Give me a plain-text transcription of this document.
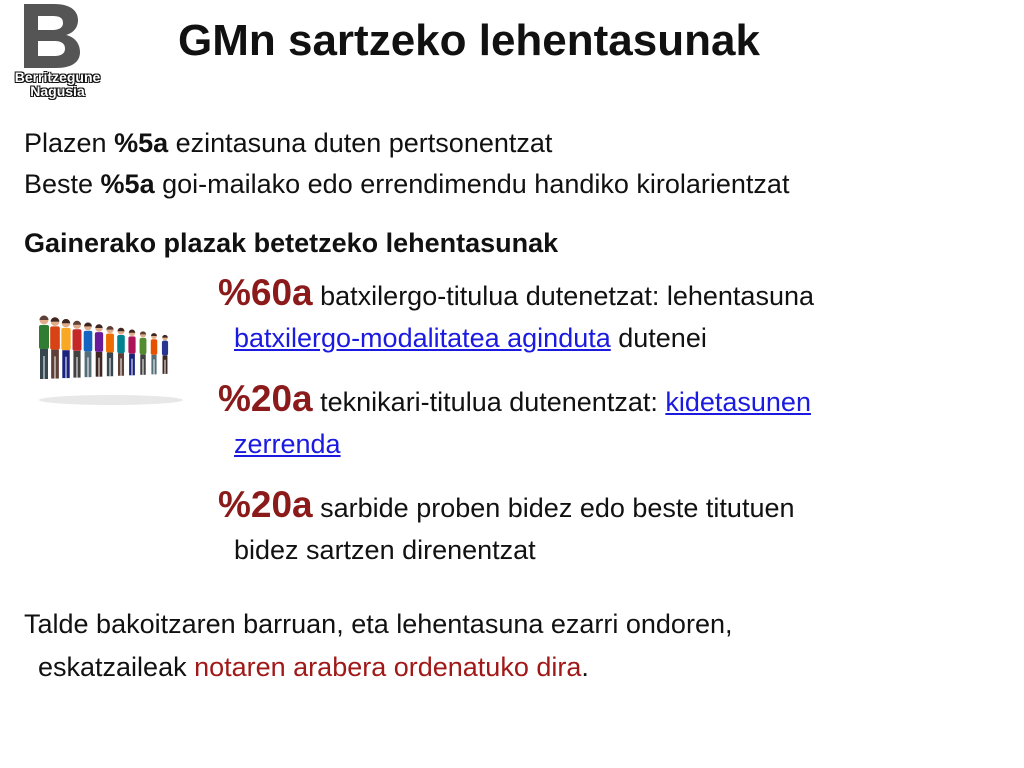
Berritzegune
Nagusia
GMn sartzeko lehentasunak
Plazen %5a ezintasuna duten pertsonentzat
Beste %5a goi-mailako edo errendimendu handiko kirolarientzat
Gainerako plazak betetzeko lehentasunak
%60a batxilergo-titulua dutenetzat: lehentasuna
batxilergo-modalitatea aginduta dutenei
%20a teknikari-titulua dutenentzat: kidetasunen
zerrenda
%20a sarbide proben bidez edo beste titutuen
bidez sartzen direnentzat
Talde bakoitzaren barruan, eta lehentasuna ezarri ondoren,
eskatzaileak notaren arabera ordenatuko dira.
